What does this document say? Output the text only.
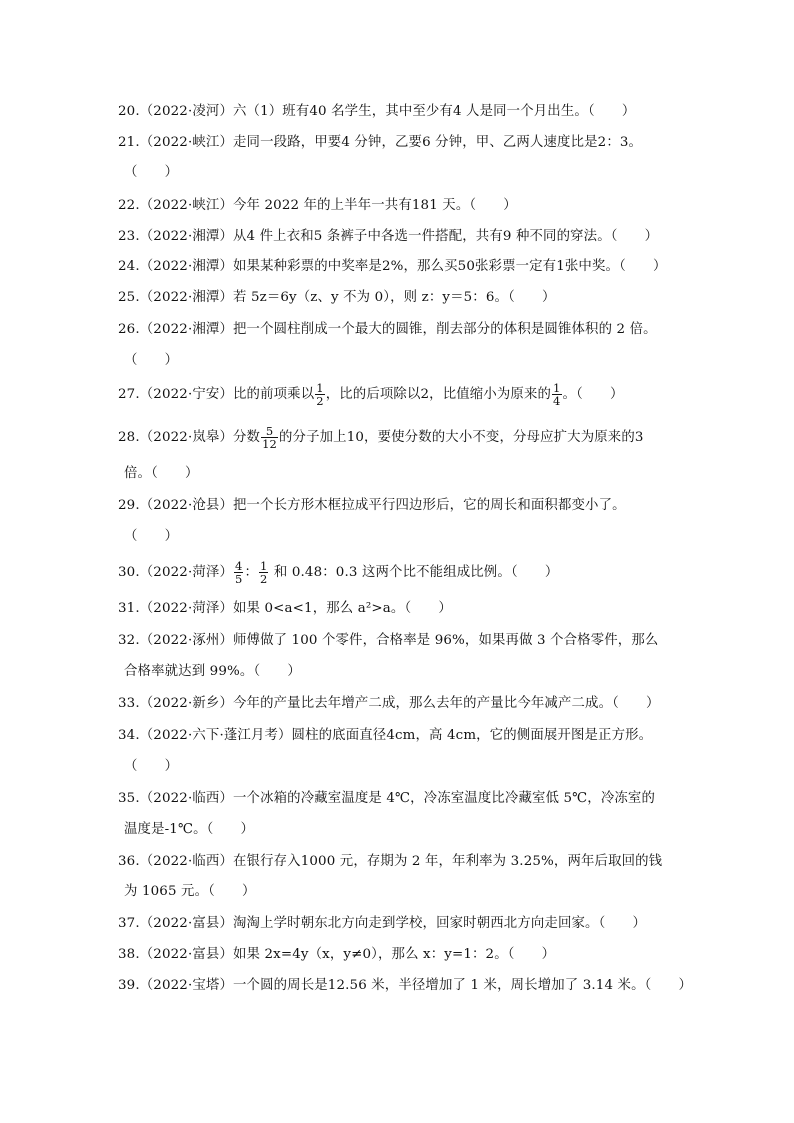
20.（2022·凌河）六（1）班有40 名学生，其中至少有4 人是同一个月出生。（　　）
21.（2022·峡江）走同一段路，甲要4 分钟，乙要6 分钟，甲、乙两人速度比是2：3。
（　　）
22.（2022·峡江）今年 2022 年的上半年一共有181 天。（　　）
23.（2022·湘潭）从4 件上衣和5 条裤子中各选一件搭配，共有9 种不同的穿法。（　　）
24.（2022·湘潭）如果某种彩票的中奖率是2%，那么买50张彩票一定有1张中奖。（　　）
25.（2022·湘潭）若 5z＝6y（z、y 不为 0），则 z：y＝5：6。（　　）
26.（2022·湘潭）把一个圆柱削成一个最大的圆锥，削去部分的体积是圆锥体积的 2 倍。
（　　）
27.（2022·宁安）比的前项乘以 $\frac{1}{2}$ ，比的后项除以2，比值缩小为原来的 $\frac{1}{4}$ 。（　　）
28.（2022·岚皋）分数 $\frac{5}{12}$ 的分子加上10，要使分数的大小不变，分母应扩大为原来的3
倍。（　　）
29.（2022·沧县）把一个长方形木框拉成平行四边形后，它的周长和面积都变小了。
（　　）
30.（2022·菏泽） $\frac{4}{5}$ ： $\frac{1}{2}$ 和 0.48：0.3 这两个比不能组成比例。（　　）
31.（2022·菏泽）如果 0<a<1，那么 a²>a。（　　）
32.（2022·涿州）师傅做了 100 个零件，合格率是 96%，如果再做 3 个合格零件，那么
合格率就达到 99%。（　　）
33.（2022·新乡）今年的产量比去年增产二成，那么去年的产量比今年减产二成。（　　）
34.（2022·六下·蓬江月考）圆柱的底面直径4cm，高 4cm，它的侧面展开图是正方形。
（　　）
35.（2022·临西）一个冰箱的冷藏室温度是 4℃，冷冻室温度比冷藏室低 5℃，冷冻室的
温度是-1℃。（　　）
36.（2022·临西）在银行存入1000 元，存期为 2 年，年利率为 3.25%，两年后取回的钱
为 1065 元。（　　）
37.（2022·富县）淘淘上学时朝东北方向走到学校，回家时朝西北方向走回家。（　　）
38.（2022·富县）如果 2x=4y（x，y≠0），那么 x：y=1：2。（　　）
39.（2022·宝塔）一个圆的周长是12.56 米，半径增加了 1 米，周长增加了 3.14 米。（　　）
